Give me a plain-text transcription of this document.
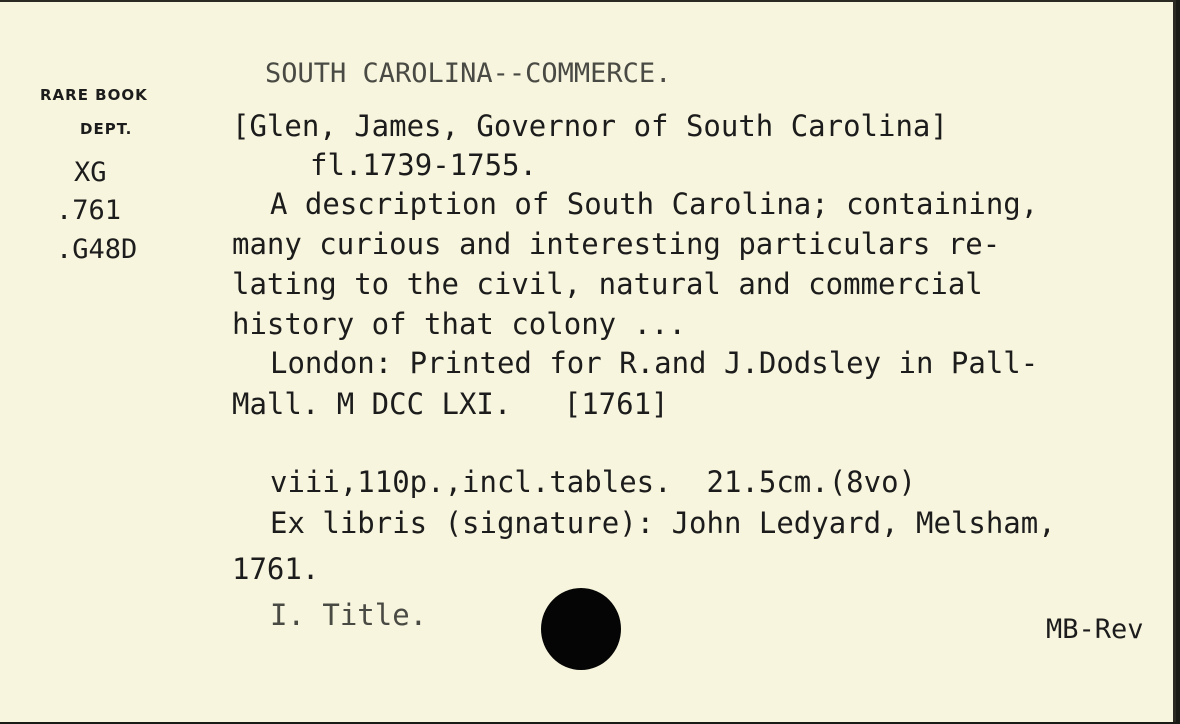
RARE BOOK
DEPT.
XG
.761
.G48D
SOUTH CAROLINA--COMMERCE.
[Glen, James, Governor of South Carolina]
fl.1739-1755.
A description of South Carolina; containing,
many curious and interesting particulars re-
lating to the civil, natural and commercial
history of that colony ...
London: Printed for R.and J.Dodsley in Pall-
Mall. M DCC LXI.   [1761]
viii,110p.,incl.tables.  21.5cm.(8vo)
Ex libris (signature): John Ledyard, Melsham,
1761.
I. Title.	MB-Rev
